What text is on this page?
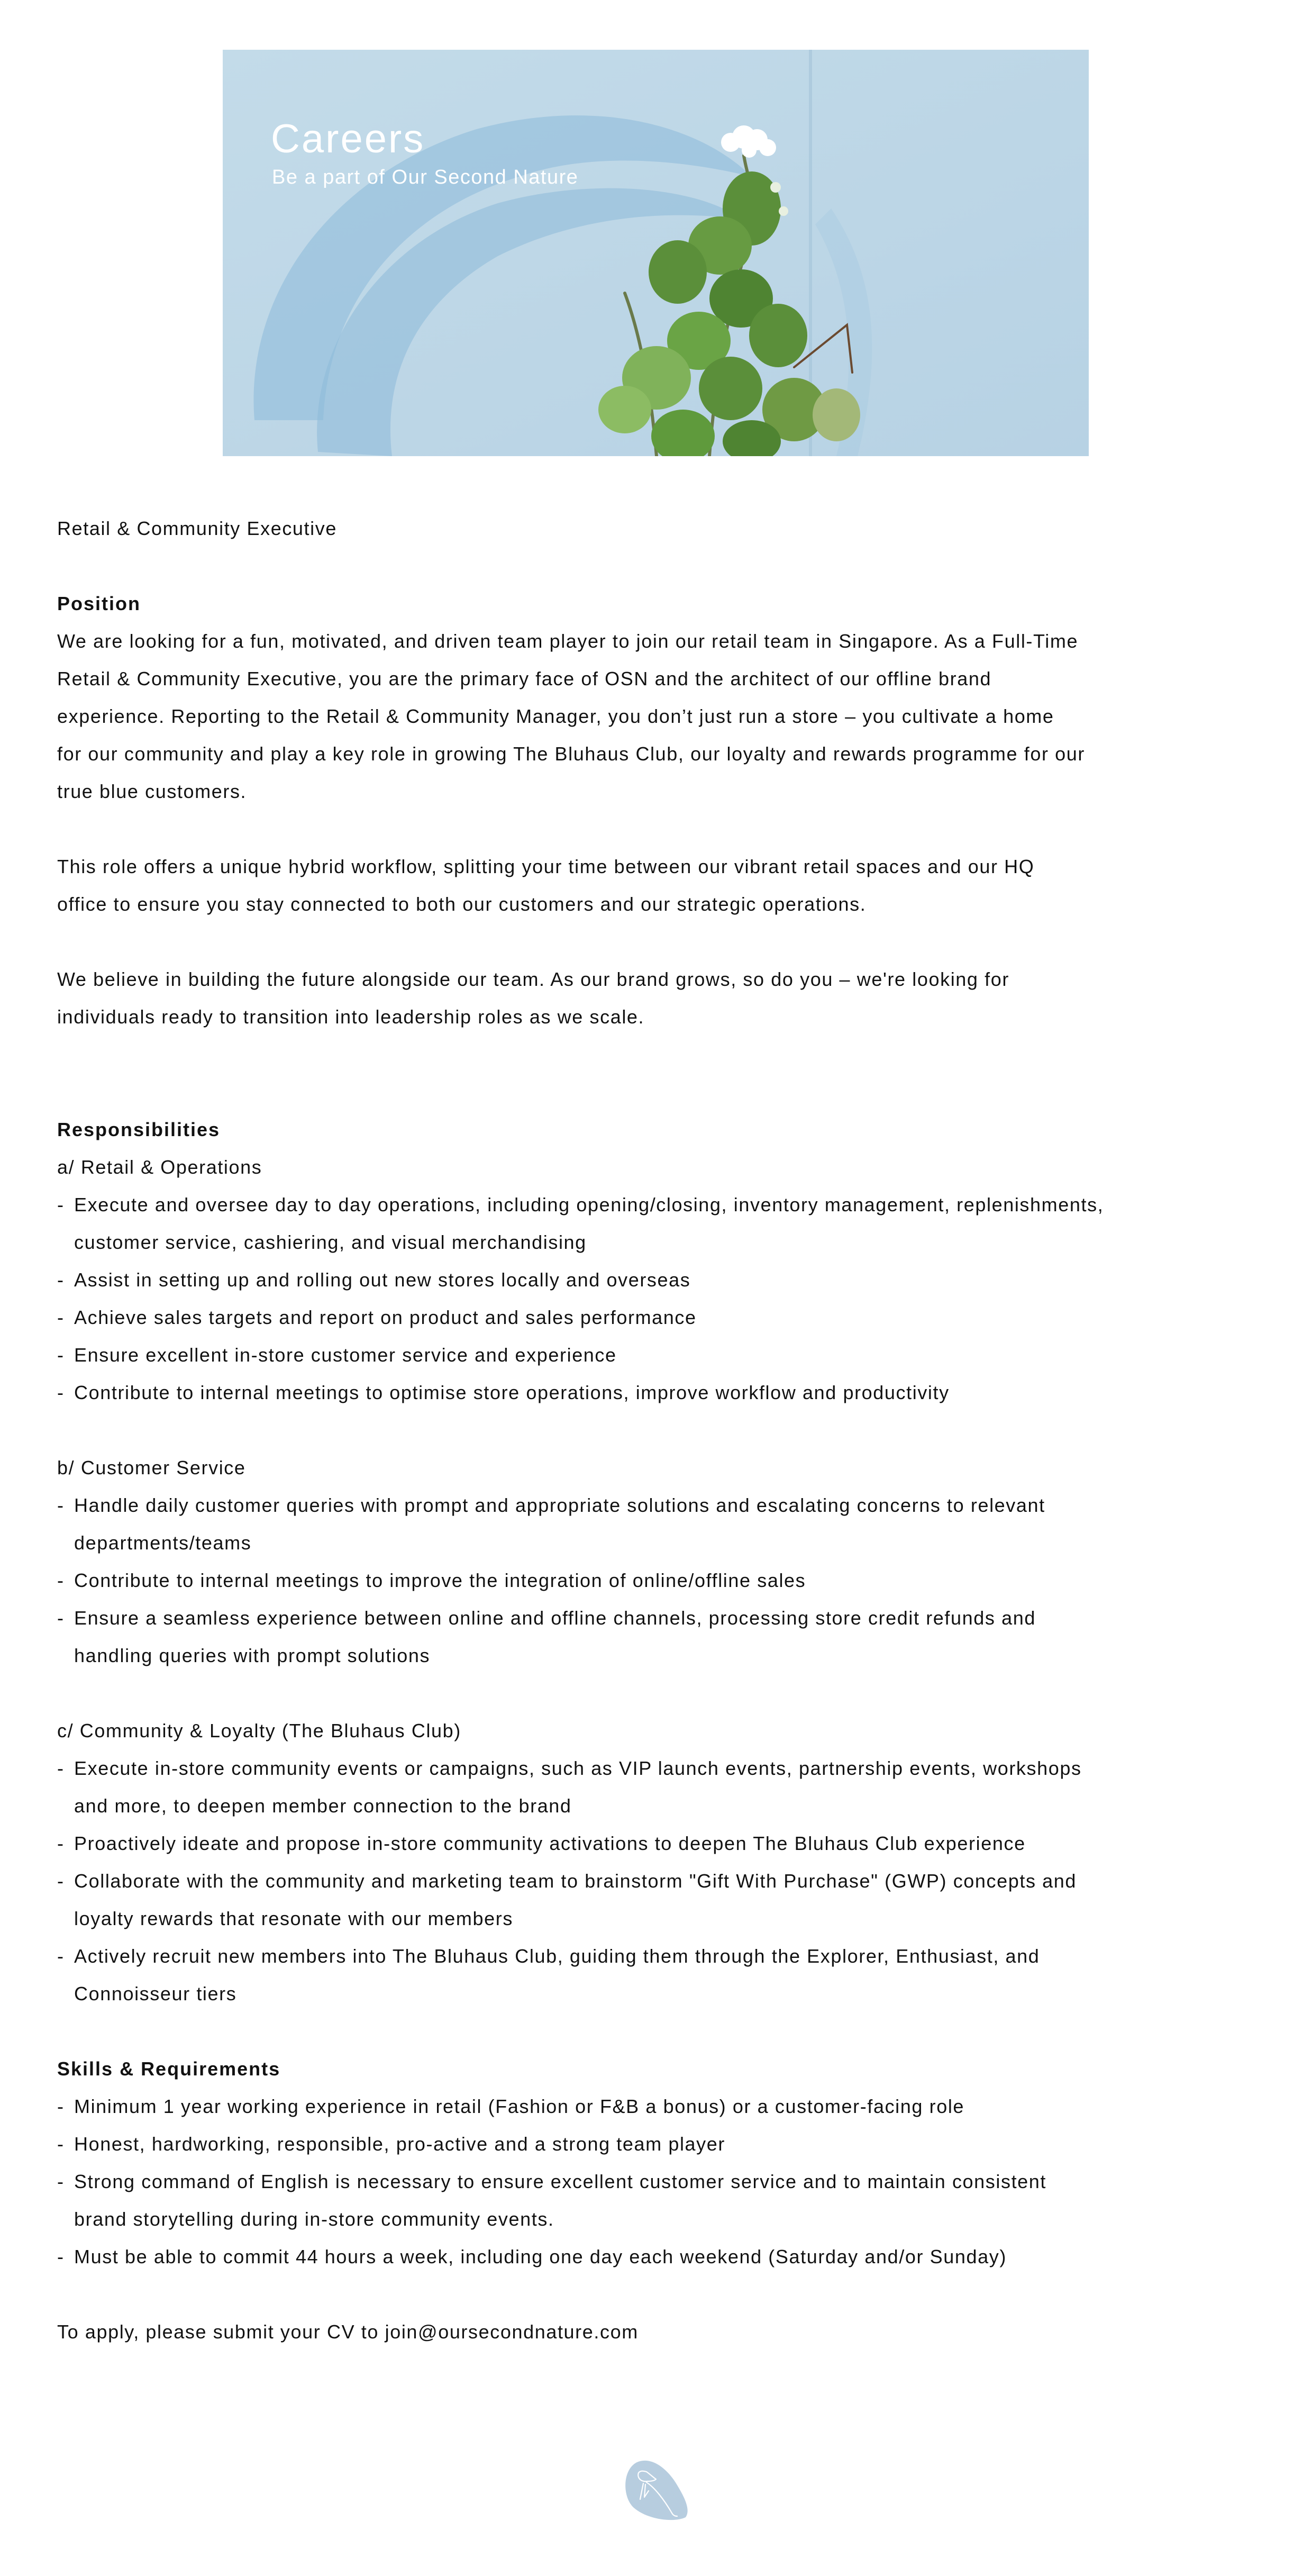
Careers

Be a part of Our Second Nature

Retail & Community Executive
Position
We are looking for a fun, motivated, and driven team player to join our retail team in Singapore. As a Full-Time
Retail & Community Executive, you are the primary face of OSN and the architect of our offline brand
experience. Reporting to the Retail & Community Manager, you don’t just run a store – you cultivate a home
for our community and play a key role in growing The Bluhaus Club, our loyalty and rewards programme for our
true blue customers.
This role offers a unique hybrid workflow, splitting your time between our vibrant retail spaces and our HQ
office to ensure you stay connected to both our customers and our strategic operations.
We believe in building the future alongside our team. As our brand grows, so do you – we're looking for
individuals ready to transition into leadership roles as we scale.
Responsibilities
a/ Retail & Operations
- Execute and oversee day to day operations, including opening/closing, inventory management, replenishments,
customer service, cashiering, and visual merchandising
- Assist in setting up and rolling out new stores locally and overseas
- Achieve sales targets and report on product and sales performance
- Ensure excellent in-store customer service and experience
- Contribute to internal meetings to optimise store operations, improve workflow and productivity
b/ Customer Service
- Handle daily customer queries with prompt and appropriate solutions and escalating concerns to relevant
departments/teams
- Contribute to internal meetings to improve the integration of online/offline sales
- Ensure a seamless experience between online and offline channels, processing store credit refunds and
handling queries with prompt solutions
c/ Community & Loyalty (The Bluhaus Club)
- Execute in-store community events or campaigns, such as VIP launch events, partnership events, workshops
and more, to deepen member connection to the brand
- Proactively ideate and propose in-store community activations to deepen The Bluhaus Club experience
- Collaborate with the community and marketing team to brainstorm "Gift With Purchase" (GWP) concepts and
loyalty rewards that resonate with our members
- Actively recruit new members into The Bluhaus Club, guiding them through the Explorer, Enthusiast, and
Connoisseur tiers
Skills & Requirements
- Minimum 1 year working experience in retail (Fashion or F&B a bonus) or a customer-facing role
- Honest, hardworking, responsible, pro-active and a strong team player
- Strong command of English is necessary to ensure excellent customer service and to maintain consistent
brand storytelling during in-store community events.
- Must be able to commit 44 hours a week, including one day each weekend (Saturday and/or Sunday)
To apply, please submit your CV to join@oursecondnature.com
